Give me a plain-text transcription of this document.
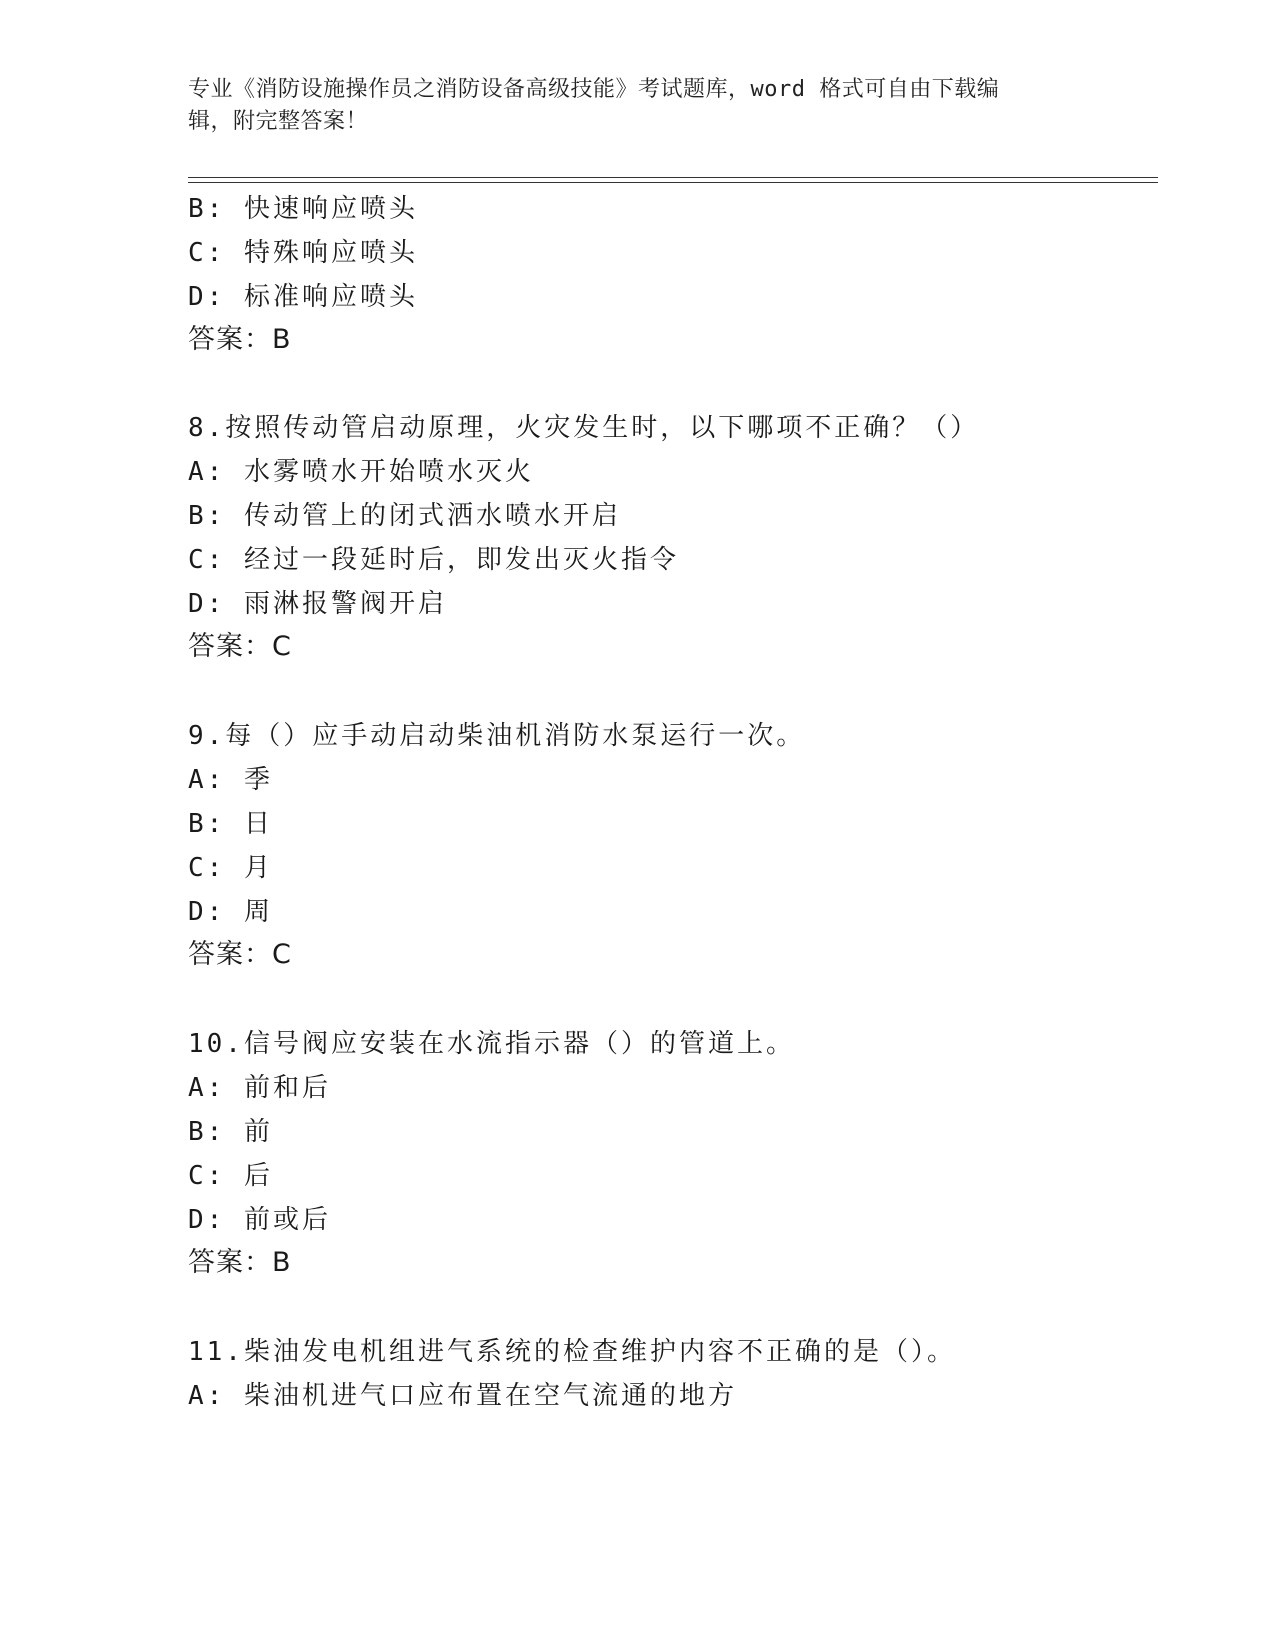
专业《消防设施操作员之消防设备高级技能》考试题库，word 格式可自由下载编
辑，附完整答案！
B: 快速响应喷头
C: 特殊响应喷头
D: 标准响应喷头
答案：B
8.按照传动管启动原理，火灾发生时，以下哪项不正确？（）
A: 水雾喷水开始喷水灭火
B: 传动管上的闭式洒水喷水开启
C: 经过一段延时后，即发出灭火指令
D: 雨淋报警阀开启
答案：C
9.每（）应手动启动柴油机消防水泵运行一次。
A: 季
B: 日
C: 月
D: 周
答案：C
10.信号阀应安装在水流指示器（）的管道上。
A: 前和后
B: 前
C: 后
D: 前或后
答案：B
11.柴油发电机组进气系统的检查维护内容不正确的是（）。
A: 柴油机进气口应布置在空气流通的地方
